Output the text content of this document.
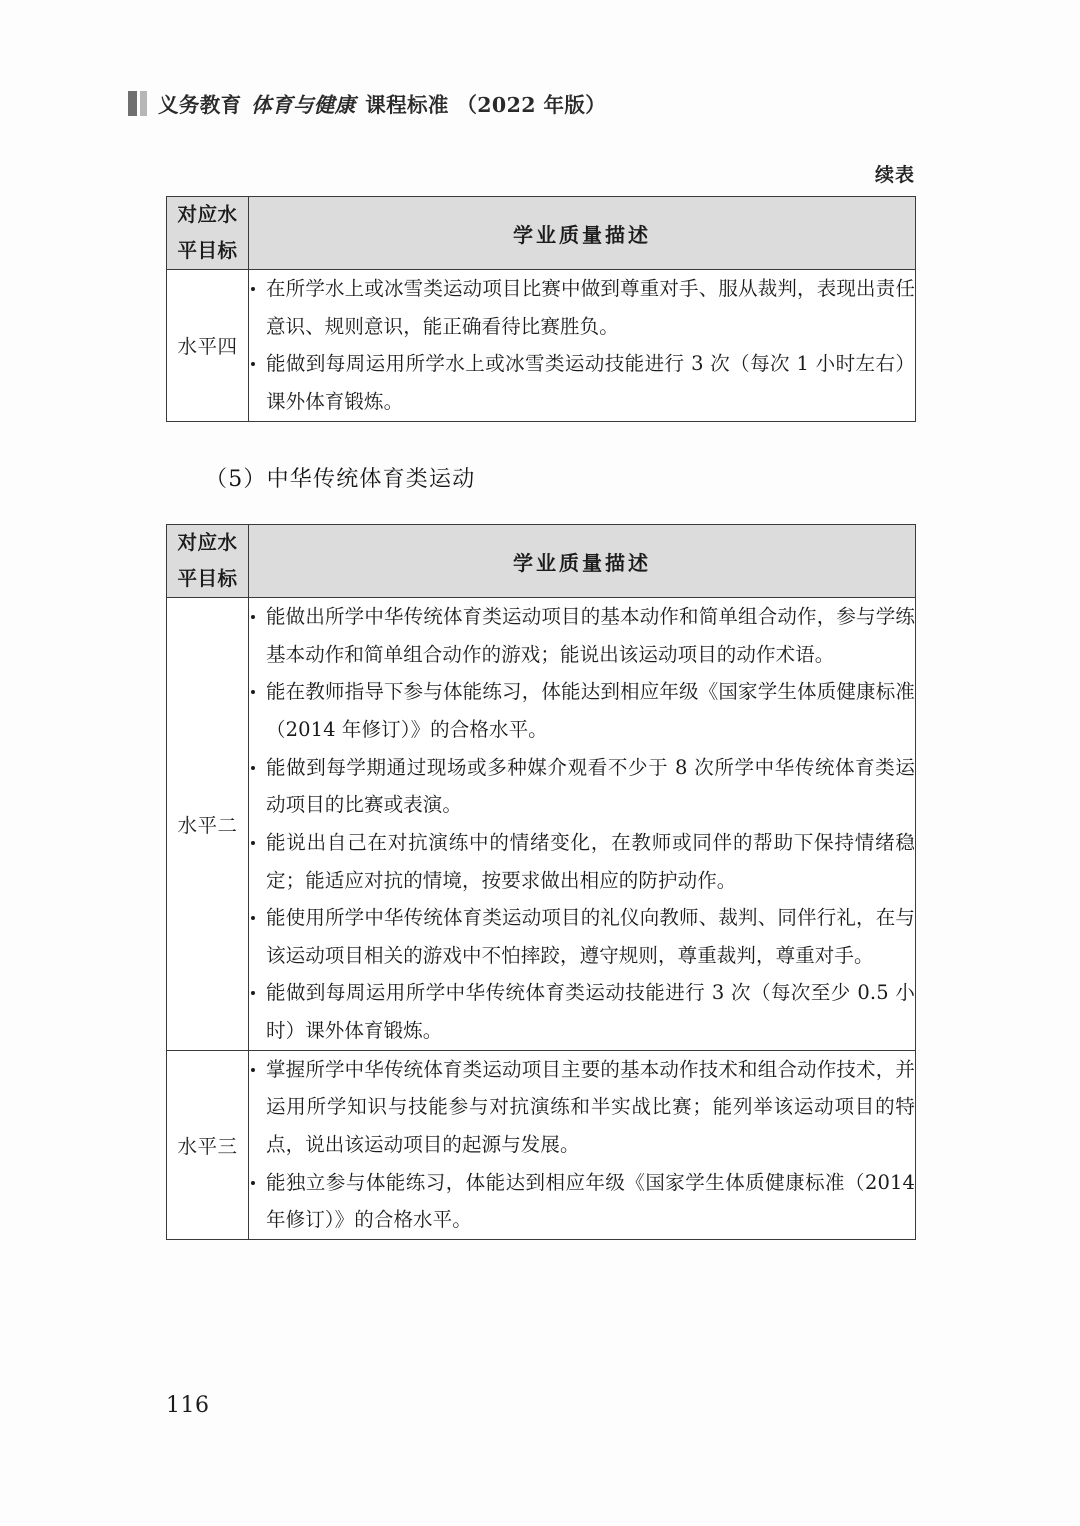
义务教育 体育与健康 课程标准 （2022 年版）
续表
对应水
平目标	学业质量描述
水平四	
在所学水上或冰雪类运动项目比赛中做到尊重对手、服从裁判，表现出责任意识、规则意识，能正确看待比赛胜负。
能做到每周运用所学水上或冰雪类运动技能进行 3 次（每次 1 小时左右）课外体育锻炼。
（5）中华传统体育类运动
对应水
平目标	学业质量描述
水平二	
能做出所学中华传统体育类运动项目的基本动作和简单组合动作，参与学练基本动作和简单组合动作的游戏；能说出该运动项目的动作术语。
能在教师指导下参与体能练习，体能达到相应年级《国家学生体质健康标准（2014 年修订）》的合格水平。
能做到每学期通过现场或多种媒介观看不少于 8 次所学中华传统体育类运动项目的比赛或表演。
能说出自己在对抗演练中的情绪变化，在教师或同伴的帮助下保持情绪稳定；能适应对抗的情境，按要求做出相应的防护动作。
能使用所学中华传统体育类运动项目的礼仪向教师、裁判、同伴行礼，在与该运动项目相关的游戏中不怕摔跤，遵守规则，尊重裁判，尊重对手。
能做到每周运用所学中华传统体育类运动技能进行 3 次（每次至少 0.5 小时）课外体育锻炼。

水平三	
掌握所学中华传统体育类运动项目主要的基本动作技术和组合动作技术，并运用所学知识与技能参与对抗演练和半实战比赛；能列举该运动项目的特点，说出该运动项目的起源与发展。
能独立参与体能练习，体能达到相应年级《国家学生体质健康标准（2014 年修订）》的合格水平。
116
